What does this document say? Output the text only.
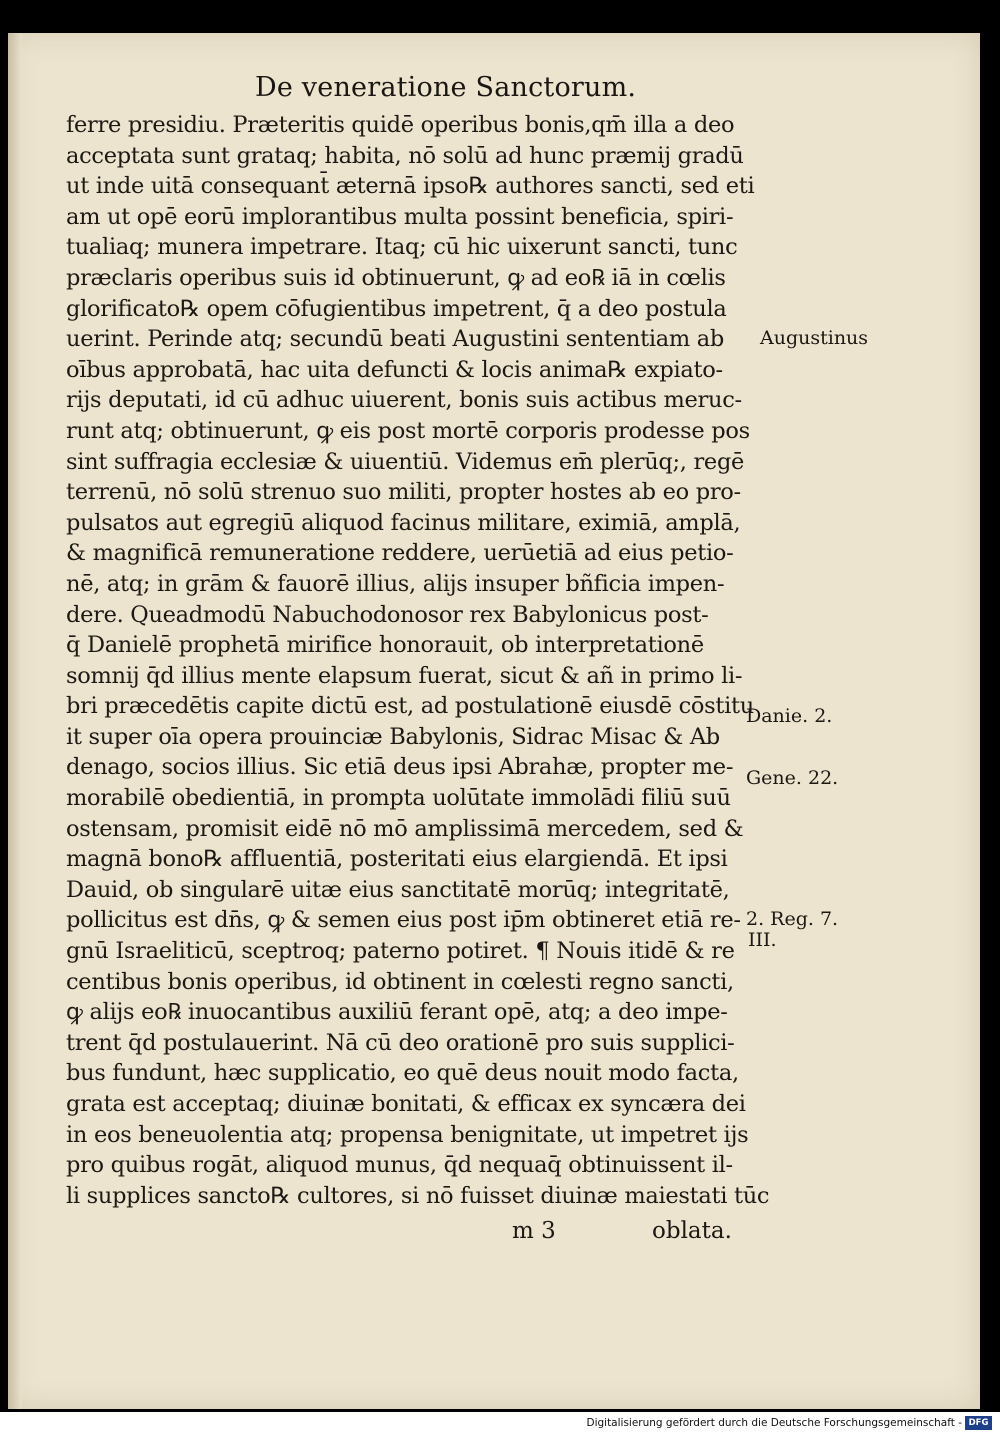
De veneratione Sanctorum.
ferre presidiu. Præteritis quidē operibus bonis,qm̄ illa a deo
acceptata sunt grataq; habita, nō solū ad hunc præmij gradū
ut inde uitā consequant̄ æternā ipso℞ authores sancti, sed eti
am ut opē eorū implorantibus multa possint beneficia, spiri-
tualiaq; munera impetrare. Itaq; cū hic uixerunt sancti, tunc
præclaris operibus suis id obtinuerunt, ꝙ ad eo℞ iā in cœlis
glorificato℞ opem cōfugientibus impetrent, q̄ a deo postula
uerint. Perinde atq; secundū beati Augustini sententiam ab
oībus approbatā, hac uita defuncti & locis anima℞ expiato-
rijs deputati, id cū adhuc uiuerent, bonis suis actibus meruc-
runt atq; obtinuerunt, ꝙ eis post mortē corporis prodesse pos
sint suffragia ecclesiæ & uiuentiū. Videmus em̄ plerūq;, regē
terrenū, nō solū strenuo suo militi, propter hostes ab eo pro-
pulsatos aut egregiū aliquod facinus militare, eximiā, amplā,
& magnificā remuneratione reddere, uerūetiā ad eius petio-
nē, atq; in grām & fauorē illius, alijs insuper bñficia impen-
dere. Queadmodū Nabuchodonosor rex Babylonicus post-
q̄ Danielē prophetā mirifice honorauit, ob interpretationē
somnij q̄d illius mente elapsum fuerat, sicut & añ in primo li-
bri præcedētis capite dictū est, ad postulationē eiusdē cōstitu
it super oīa opera prouinciæ Babylonis, Sidrac Misac & Ab
denago, socios illius. Sic etiā deus ipsi Abrahæ, propter me-
morabilē obedientiā, in prompta uolūtate immolādi filiū suū
ostensam, promisit eidē nō mō amplissimā mercedem, sed &
magnā bono℞ affluentiā, posteritati eius elargiendā. Et ipsi
Dauid, ob singularē uitæ eius sanctitatē morūq; integritatē,
pollicitus est dn̄s, ꝙ & semen eius post ip̄m obtineret etiā re-
gnū Israeliticū, sceptroq; paterno potiret. ¶ Nouis itidē & re
centibus bonis operibus, id obtinent in cœlesti regno sancti,
ꝙ alijs eo℞ inuocantibus auxiliū ferant opē, atq; a deo impe-
trent q̄d postulauerint. Nā cū deo orationē pro suis supplici-
bus fundunt, hæc supplicatio, eo quē deus nouit modo facta,
grata est acceptaq; diuinæ bonitati, & efficax ex syncæra dei
in eos beneuolentia atq; propensa benignitate, ut impetret ijs
pro quibus rogāt, aliquod munus, q̄d nequaq̄ obtinuissent il-
li supplices sancto℞ cultores, si nō fuisset diuinæ maiestati tūc
Augustinus
Danie. 2.
Gene. 22.
2. Reg. 7.
III.
m 3	oblata.
Digitalisierung gefördert durch die Deutsche Forschungsgemeinschaft - DFG
